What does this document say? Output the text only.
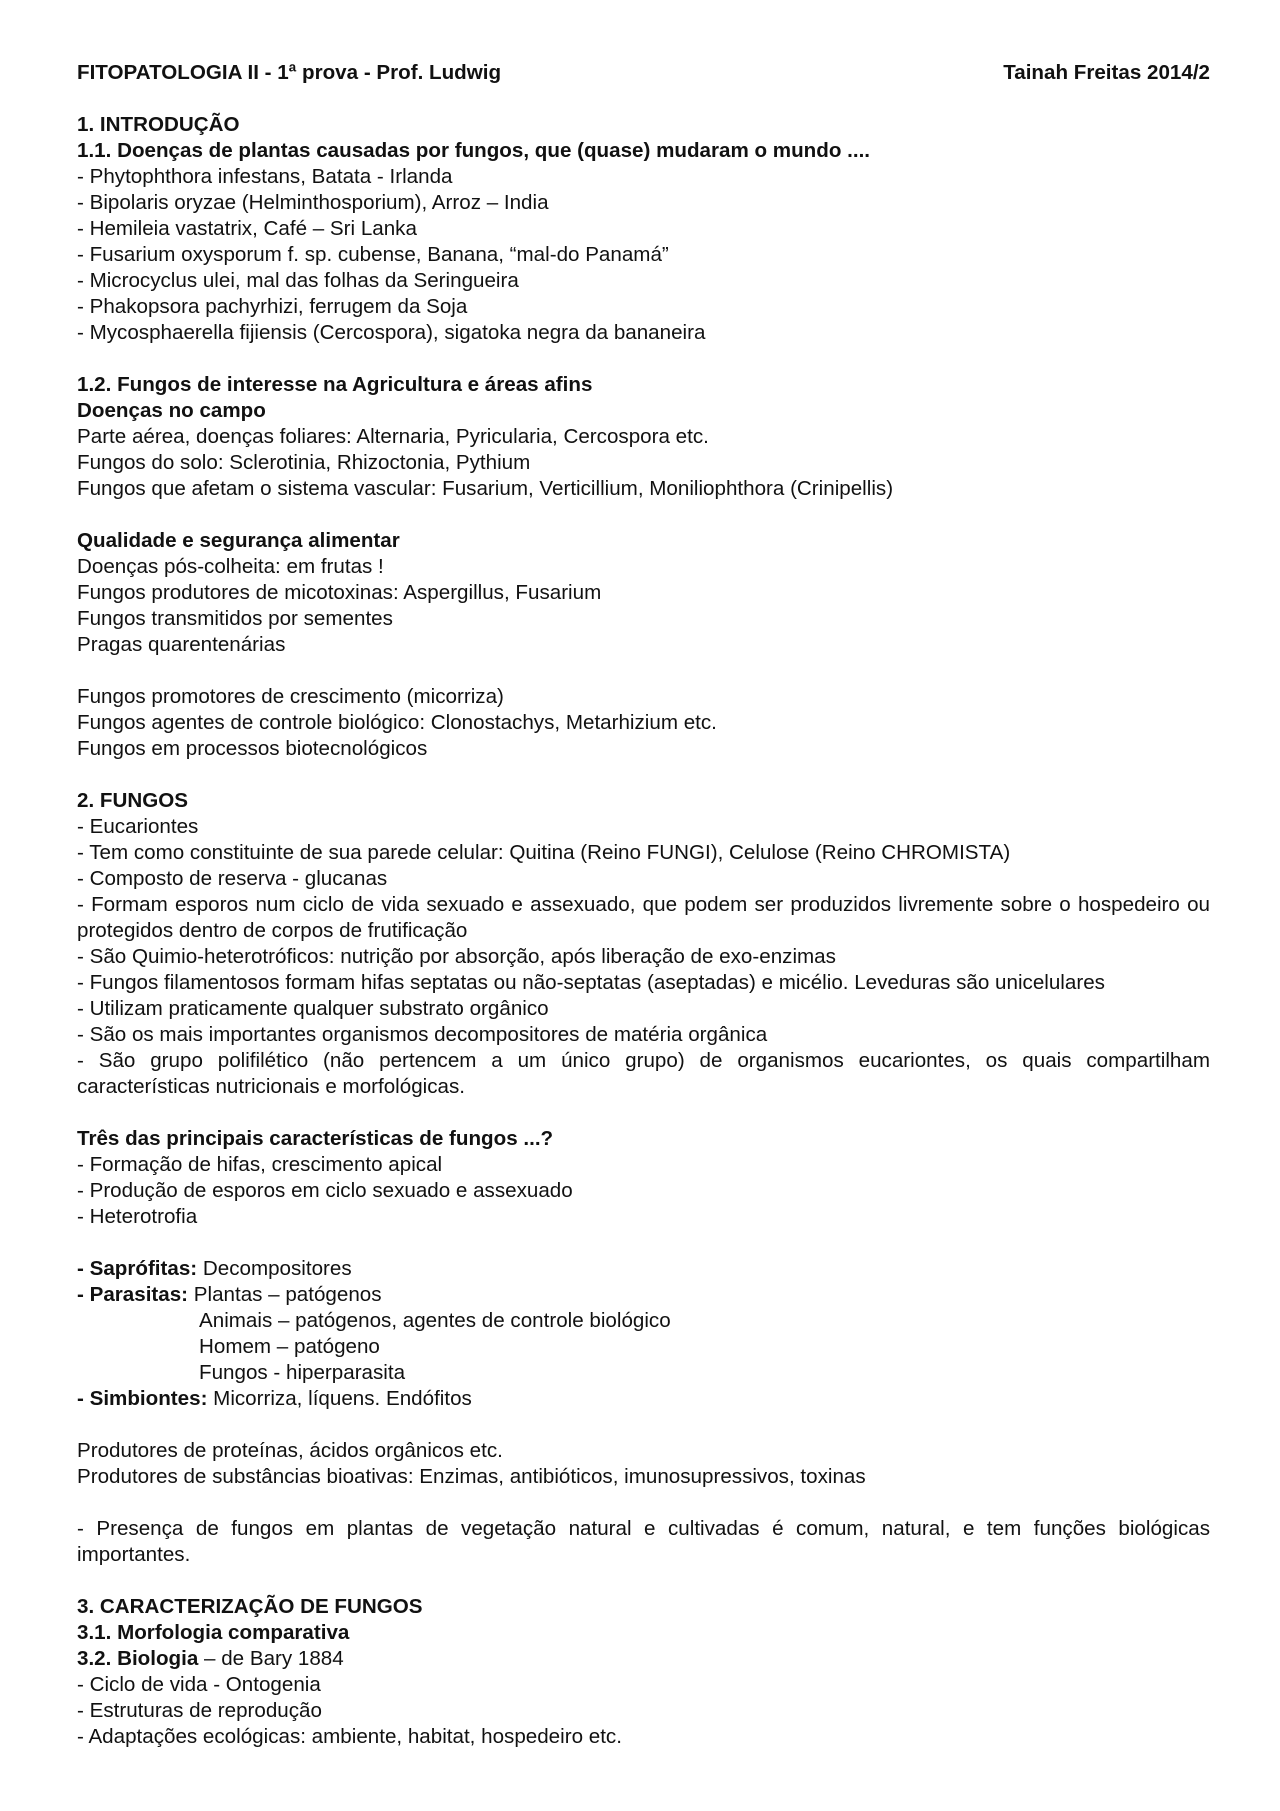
FITOPATOLOGIA II - 1ª prova - Prof. Ludwig	Tainah Freitas 2014/2
1. INTRODUÇÃO
1.1. Doenças de plantas causadas por fungos, que (quase) mudaram o mundo ....
- Phytophthora infestans, Batata - Irlanda
- Bipolaris oryzae (Helminthosporium), Arroz – India
- Hemileia vastatrix, Café – Sri Lanka
- Fusarium oxysporum f. sp. cubense, Banana, “mal-do Panamá”
- Microcyclus ulei, mal das folhas da Seringueira
- Phakopsora pachyrhizi, ferrugem da Soja
- Mycosphaerella fijiensis (Cercospora), sigatoka negra da bananeira
1.2. Fungos de interesse na Agricultura e áreas afins
Doenças no campo
Parte aérea, doenças foliares: Alternaria, Pyricularia, Cercospora etc.
Fungos do solo: Sclerotinia, Rhizoctonia, Pythium
Fungos que afetam o sistema vascular: Fusarium, Verticillium, Moniliophthora (Crinipellis)
Qualidade e segurança alimentar
Doenças pós-colheita: em frutas !
Fungos produtores de micotoxinas: Aspergillus, Fusarium
Fungos transmitidos por sementes
Pragas quarentenárias
Fungos promotores de crescimento (micorriza)
Fungos agentes de controle biológico: Clonostachys, Metarhizium etc.
Fungos em processos biotecnológicos
2. FUNGOS
- Eucariontes
- Tem como constituinte de sua parede celular: Quitina (Reino FUNGI), Celulose (Reino CHROMISTA)
- Composto de reserva - glucanas
- Formam esporos num ciclo de vida sexuado e assexuado, que podem ser produzidos livremente sobre o hospedeiro ou protegidos dentro de corpos de frutificação
- São Quimio-heterotróficos: nutrição por absorção, após liberação de exo-enzimas
- Fungos filamentosos formam hifas septatas ou não-septatas (aseptadas) e micélio. Leveduras são unicelulares
- Utilizam praticamente qualquer substrato orgânico
- São os mais importantes organismos decompositores de matéria orgânica
- São grupo polifilético (não pertencem a um único grupo) de organismos eucariontes, os quais compartilham características nutricionais e morfológicas.
Três das principais características de fungos ...?
- Formação de hifas, crescimento apical
- Produção de esporos em ciclo sexuado e assexuado
- Heterotrofia
- Saprófitas: Decompositores
- Parasitas: Plantas – patógenos
Animais – patógenos, agentes de controle biológico
Homem – patógeno
Fungos - hiperparasita
- Simbiontes: Micorriza, líquens. Endófitos
Produtores de proteínas, ácidos orgânicos etc.
Produtores de substâncias bioativas: Enzimas, antibióticos, imunosupressivos, toxinas
- Presença de fungos em plantas de vegetação natural e cultivadas é comum, natural, e tem funções biológicas importantes.
3. CARACTERIZAÇÃO DE FUNGOS
3.1. Morfologia comparativa
3.2. Biologia – de Bary 1884
- Ciclo de vida - Ontogenia
- Estruturas de reprodução
- Adaptações ecológicas: ambiente, habitat, hospedeiro etc.
